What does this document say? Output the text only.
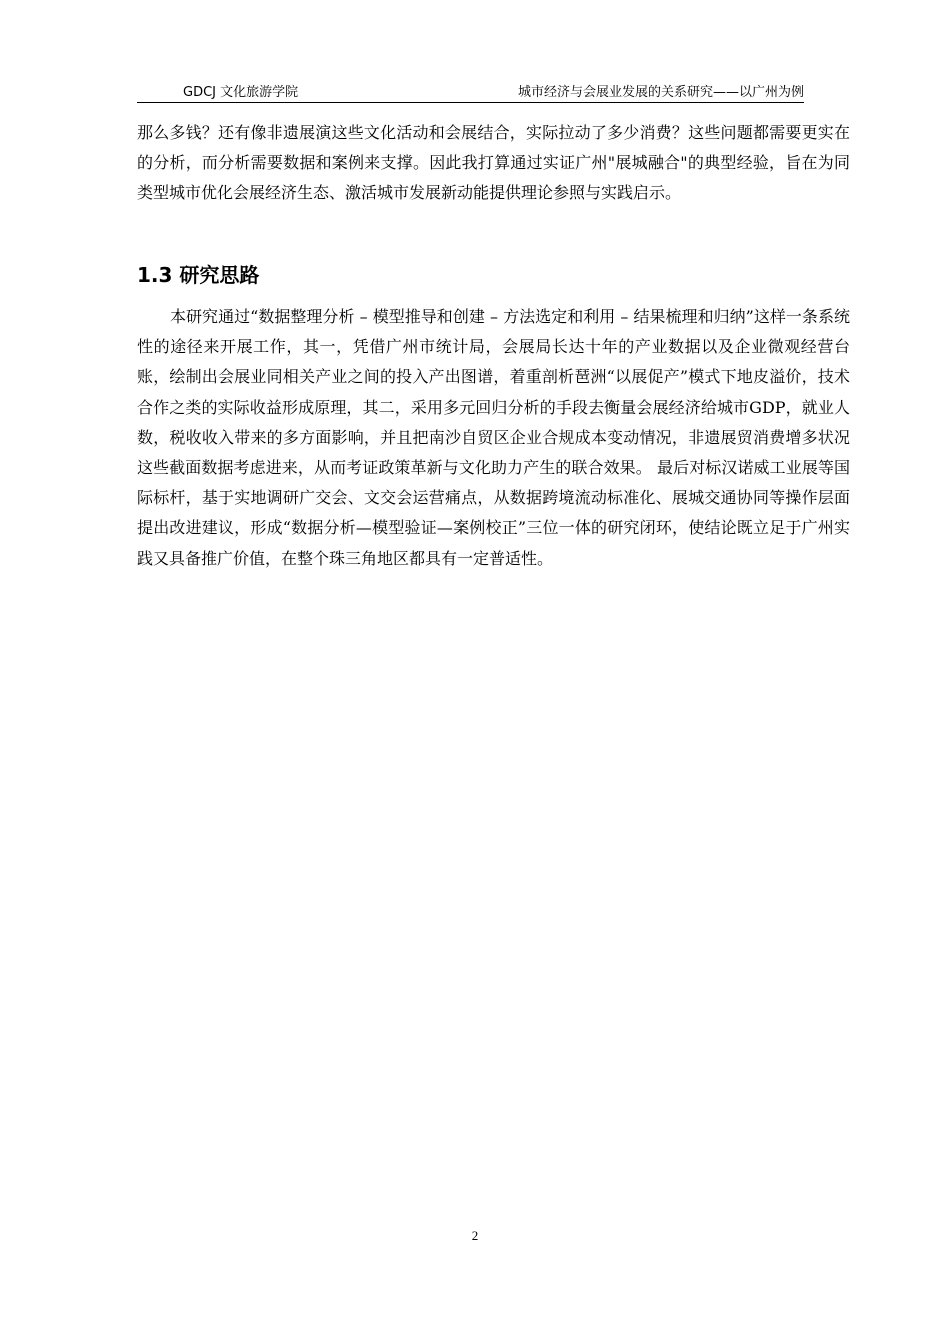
GDCJ 文化旅游学院	城市经济与会展业发展的关系研究——以广州为例

那么多钱？还有像非遗展演这些文化活动和会展结合，实际拉动了多少消费？这些问题都需要更实在的分析，而分析需要数据和案例来支撑。因此我打算通过实证广州"展城融合"的典型经验，旨在为同类型城市优化会展经济生态、激活城市发展新动能提供理论参照与实践启示。

1.3 研究思路

本研究通过“数据整理分析 – 模型推导和创建 – 方法选定和利用 – 结果梳理和归纳”这样一条系统性的途径来开展工作，其一，凭借广州市统计局，会展局长达十年的产业数据以及企业微观经营台账，绘制出会展业同相关产业之间的投入产出图谱，着重剖析琶洲“以展促产”模式下地皮溢价，技术合作之类的实际收益形成原理，其二，采用多元回归分析的手段去衡量会展经济给城市GDP，就业人数，税收收入带来的多方面影响，并且把南沙自贸区企业合规成本变动情况，非遗展贸消费增多状况这些截面数据考虑进来，从而考证政策革新与文化助力产生的联合效果。 最后对标汉诺威工业展等国际标杆，基于实地调研广交会、文交会运营痛点，从数据跨境流动标准化、展城交通协同等操作层面提出改进建议，形成“数据分析—模型验证—案例校正”三位一体的研究闭环，使结论既立足于广州实践又具备推广价值，在整个珠三角地区都具有一定普适性。

2
